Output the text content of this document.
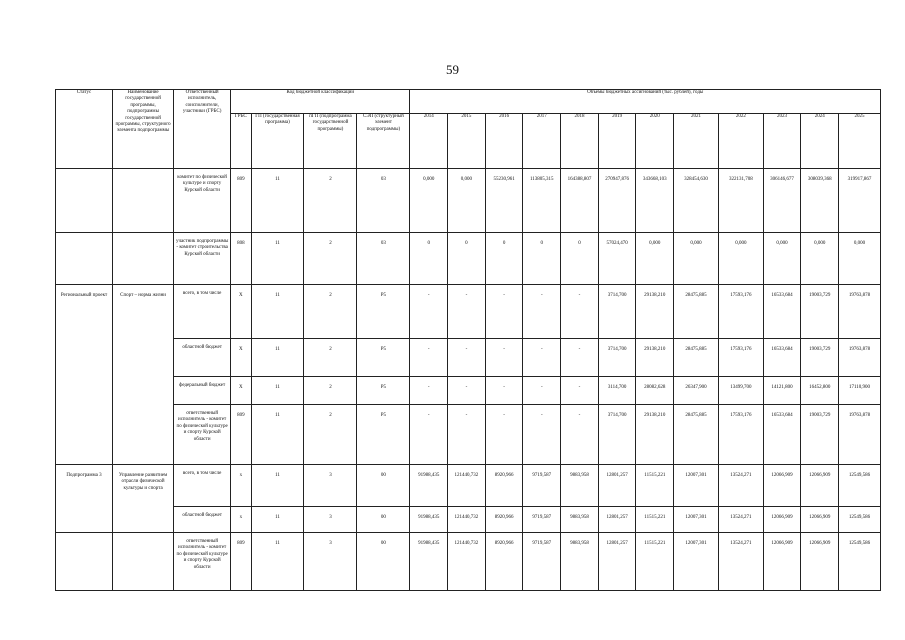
59
Статус	Наименование государственной программы, подпрограммы государственной программы, структурного элемента подпрограммы	Ответственный исполнитель, соисполнители, участники (ГРБС)	Код бюджетной классификации				Объемы бюджетных ассигнований (тыс. рублей), годы											
			ГРБС	ГП (государственная программа)	пГП (подпрограмма государственной программы)	СЭП (структурный элемент подпрограммы)	2014	2015	2016	2017	2018	2019	2020	2021	2022	2023	2024	2025
		комитет по физической культуре и спорту Курской области	809	11	2	03	0,000	0,000	55230,961	113805,315	164388,807	270947,876	343668,103	328454,630	322131,708	306146,677	308039,368	319917,867
		участник подпрограммы - комитет строительства Курской области	808	11	2	03	0	0	0	0	0	57024,470	0,000	0,000	0,000	0,000	0,000	0,000
Региональный проект	Спорт – норма жизни	всего, в том числе	Х	11	2	Р5	-	-	-	-	-	3714,700	29138,210	28475,885	17593,176	16533,684	19003,729	19763,878
		областной бюджет	Х	11	2	Р5	-	-	-	-	-	3714,700	29138,210	28475,885	17593,176	16533,684	19003,729	19763,878
		федеральный бюджет	Х	11	2	Р5	-	-	-	-	-	3114,700	28082,628	26347,900	13499,700	14121,800	16452,800	17110,900
		ответственный исполнитель - комитет по физической культуре и спорту Курской области	809	11	2	Р5	-	-	-	-	-	3714,700	29138,210	28475,885	17593,176	16533,684	19003,729	19763,878
Подпрограмма 3	Управление развитием отрасли физической культуры и спорта	всего, в том числе	х	11	3	00	91988,435	121440,732	8920,966	9719,587	9883,958	12801,257	11515,221	12007,301	13524,271	12066,909	12066,909	12549,586
		областной бюджет	х	11	3	00	91988,435	121440,732	8920,966	9719,587	9883,958	12801,257	11515,221	12007,301	13524,271	12066,909	12066,909	12549,586
		ответственный исполнитель - комитет по физической культуре и спорту Курской области	809	11	3	00	91988,435	121440,732	8920,966	9719,587	9883,958	12801,257	11515,221	12007,301	13524,271	12066,909	12066,909	12549,586
